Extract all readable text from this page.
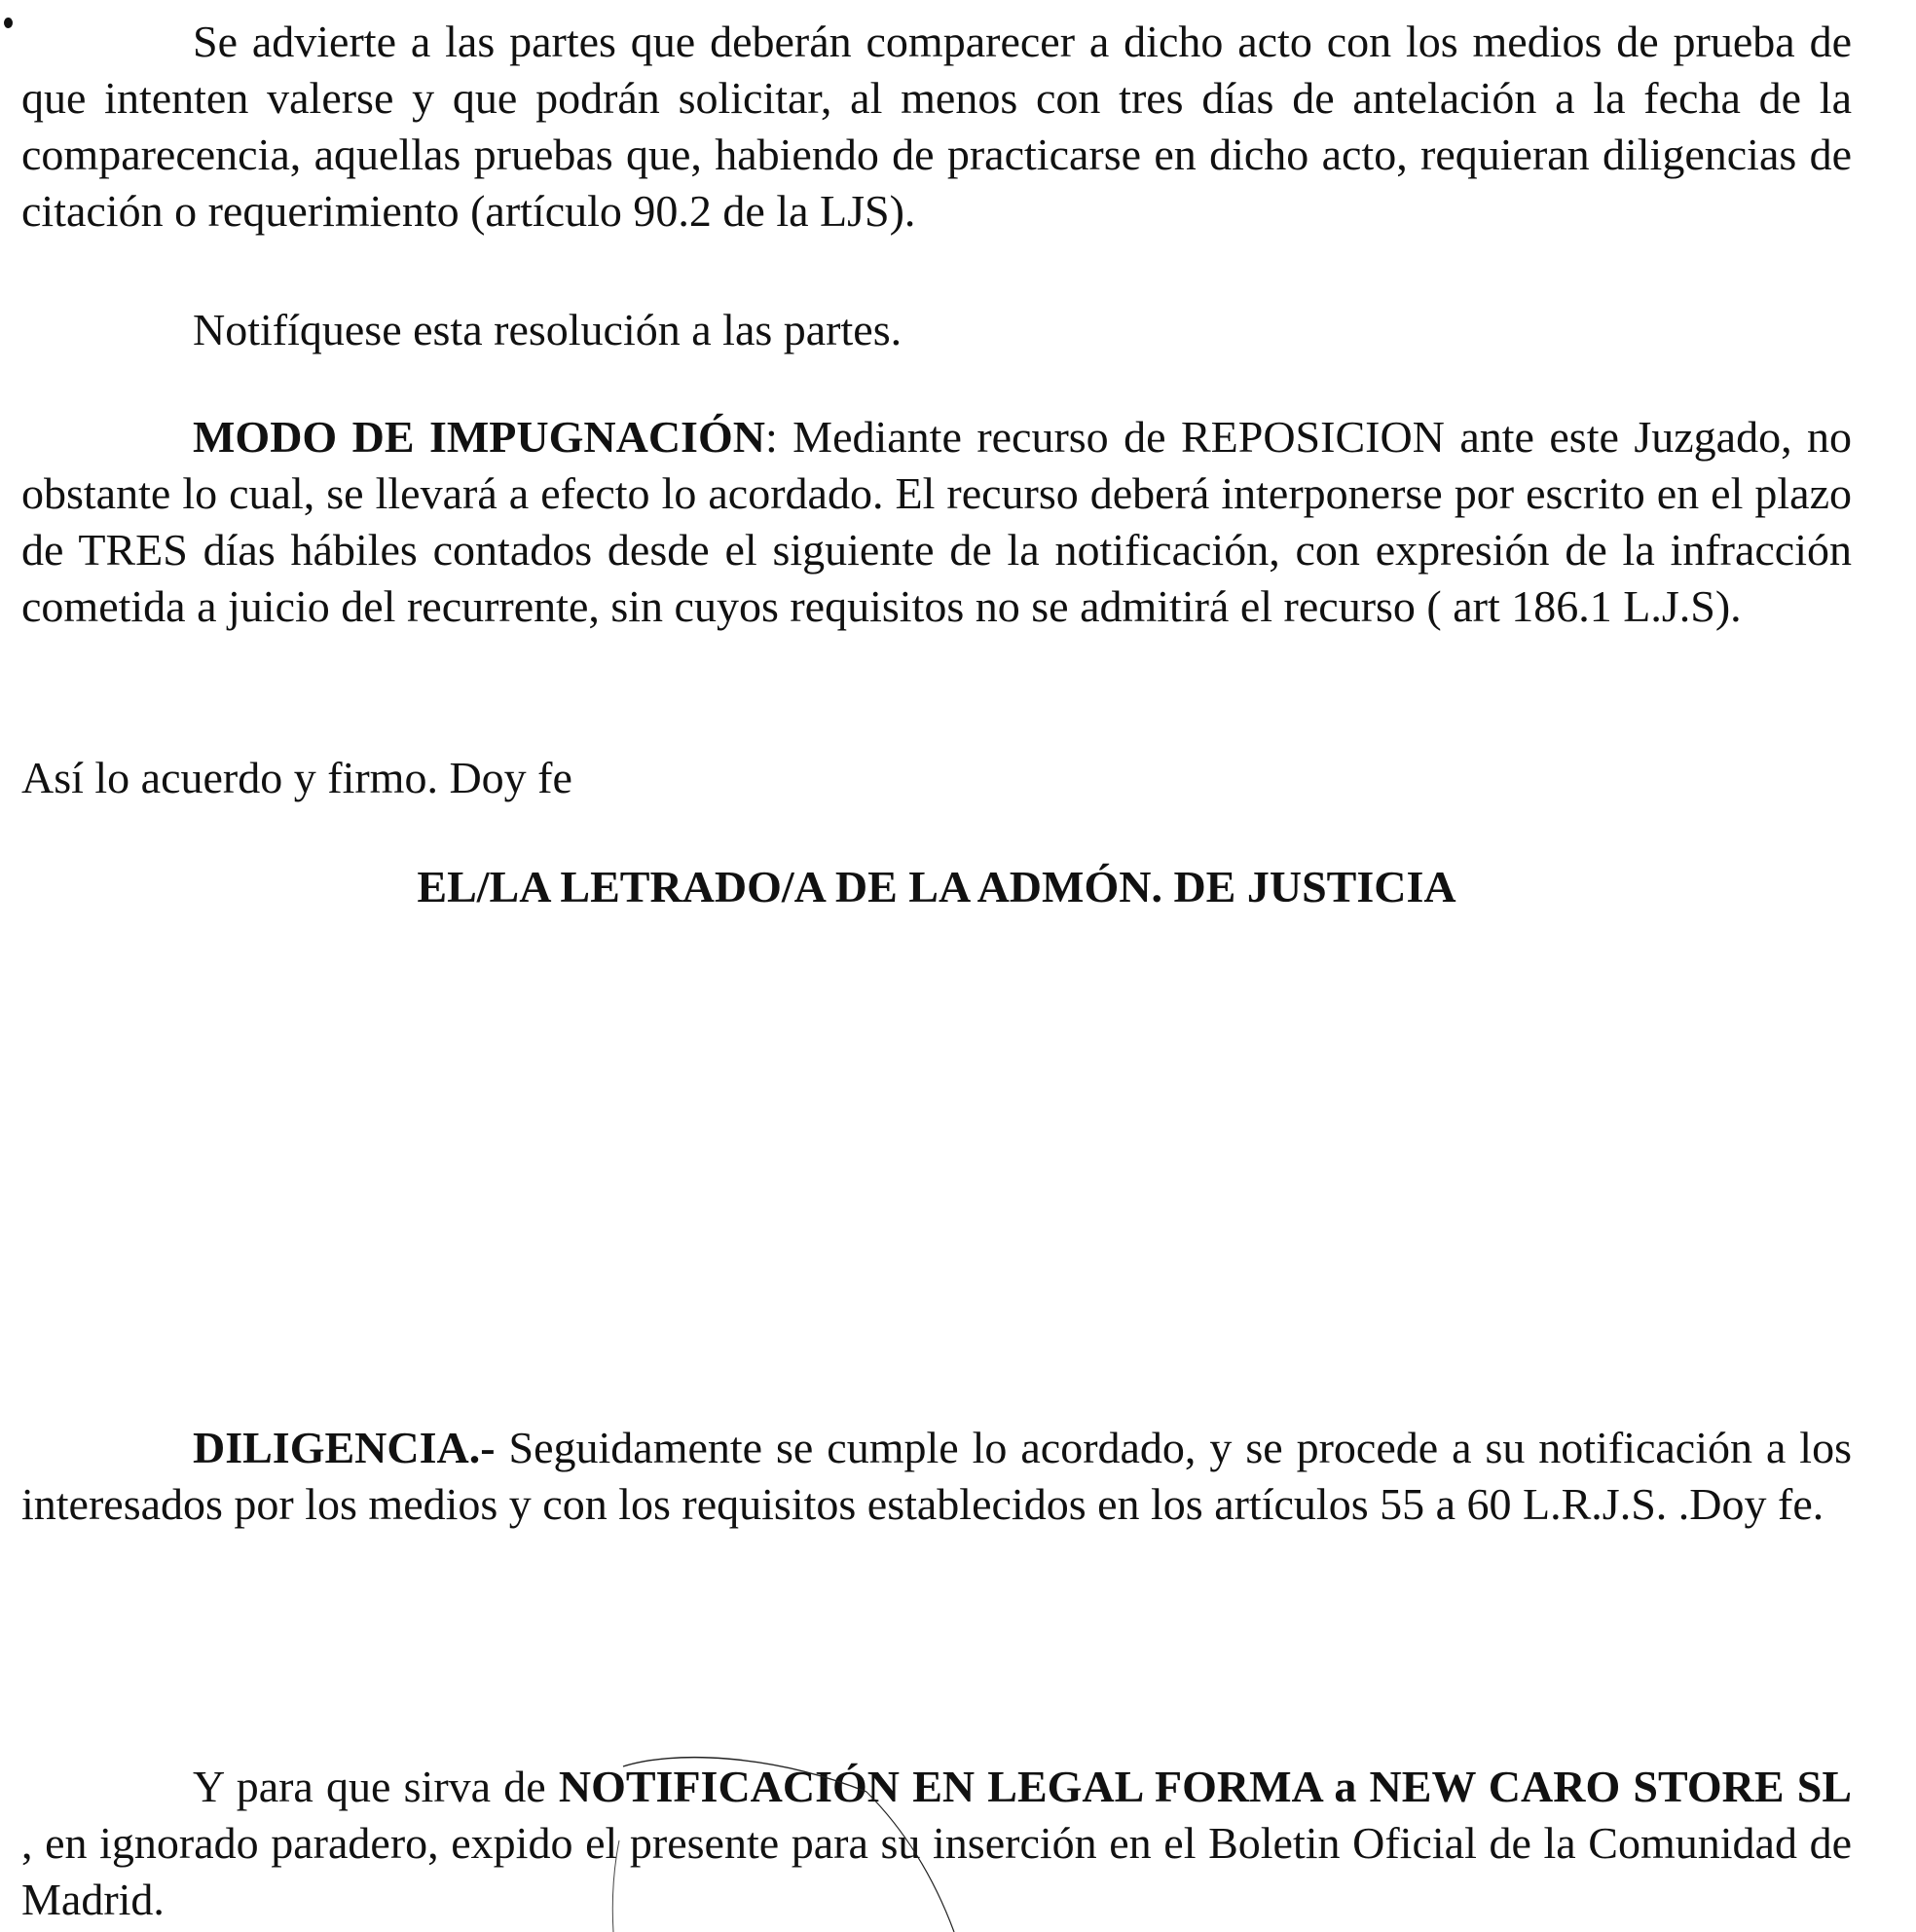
Se advierte a las partes que deberán comparecer a dicho acto con los medios de prueba de que intenten valerse y que podrán solicitar, al menos con tres días de antelación a la fecha de la comparecencia, aquellas pruebas que, habiendo de practicarse en dicho acto, requieran diligencias de citación o requerimiento (artículo 90.2 de la LJS).

Notifíquese esta resolución a las partes.

MODO DE IMPUGNACIÓN: Mediante recurso de REPOSICION ante este Juzgado, no obstante lo cual, se llevará a efecto lo acordado. El recurso deberá interponerse por escrito en el plazo de TRES días hábiles contados desde el siguiente de la notificación, con expresión de la infracción cometida a juicio del recurrente, sin cuyos requisitos no se admitirá el recurso ( art 186.1 L.J.S).

Así lo acuerdo y firmo. Doy fe

EL/LA LETRADO/A DE LA ADMÓN. DE JUSTICIA

DILIGENCIA.- Seguidamente se cumple lo acordado, y se procede a su notificación a los interesados por los medios y con los requisitos establecidos en los artículos 55 a 60 L.R.J.S. .Doy fe.

Y para que sirva de NOTIFICACIÓN EN LEGAL FORMA a NEW CARO STORE SL , en ignorado paradero, expido el presente para su inserción en el Boletin Oficial de la Comunidad de Madrid.
